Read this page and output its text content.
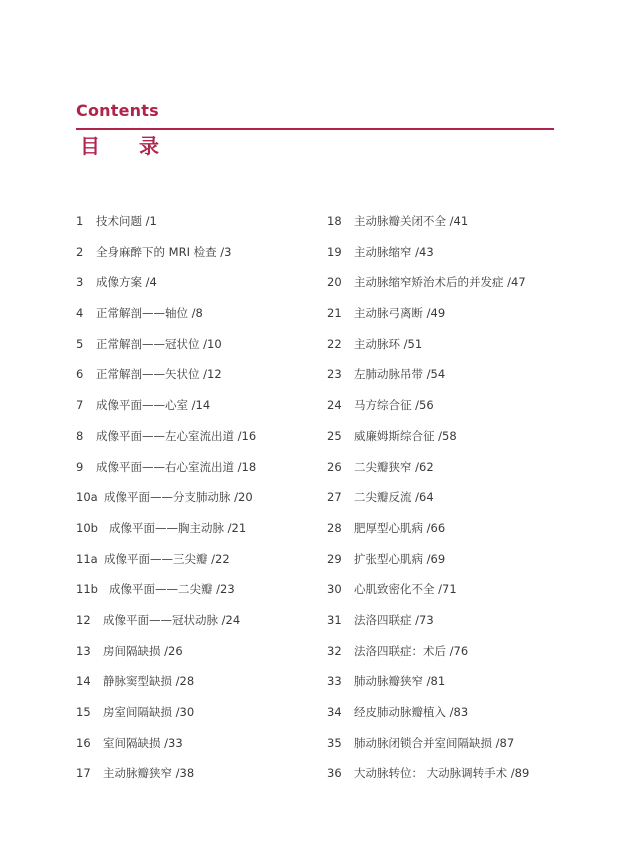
Contents
目 录
1	技术问题 /1
2	全身麻醉下的 MRI 检查 /3
3	成像方案 /4
4	正常解剖——轴位 /8
5	正常解剖——冠状位 /10
6	正常解剖——矢状位 /12
7	成像平面——心室 /14
8	成像平面——左心室流出道 /16
9	成像平面——右心室流出道 /18
10a 成像平面——分支肺动脉 /20
10b 成像平面——胸主动脉 /21
11a 成像平面——三尖瓣 /22
11b 成像平面——二尖瓣 /23
12	成像平面——冠状动脉 /24
13	房间隔缺损 /26
14	静脉窦型缺损 /28
15	房室间隔缺损 /30
16	室间隔缺损 /33
17	主动脉瓣狭窄 /38
18	主动脉瓣关闭不全 /41
19	主动脉缩窄 /43
20	主动脉缩窄矫治术后的并发症 /47
21	主动脉弓离断 /49
22	主动脉环 /51
23	左肺动脉吊带 /54
24	马方综合征 /56
25	威廉姆斯综合征 /58
26	二尖瓣狭窄 /62
27	二尖瓣反流 /64
28	肥厚型心肌病 /66
29	扩张型心肌病 /69
30	心肌致密化不全 /71
31	法洛四联症 /73
32	法洛四联症：术后 /76
33	肺动脉瓣狭窄 /81
34	经皮肺动脉瓣植入 /83
35	肺动脉闭锁合并室间隔缺损 /87
36	大动脉转位： 大动脉调转手术 /89
